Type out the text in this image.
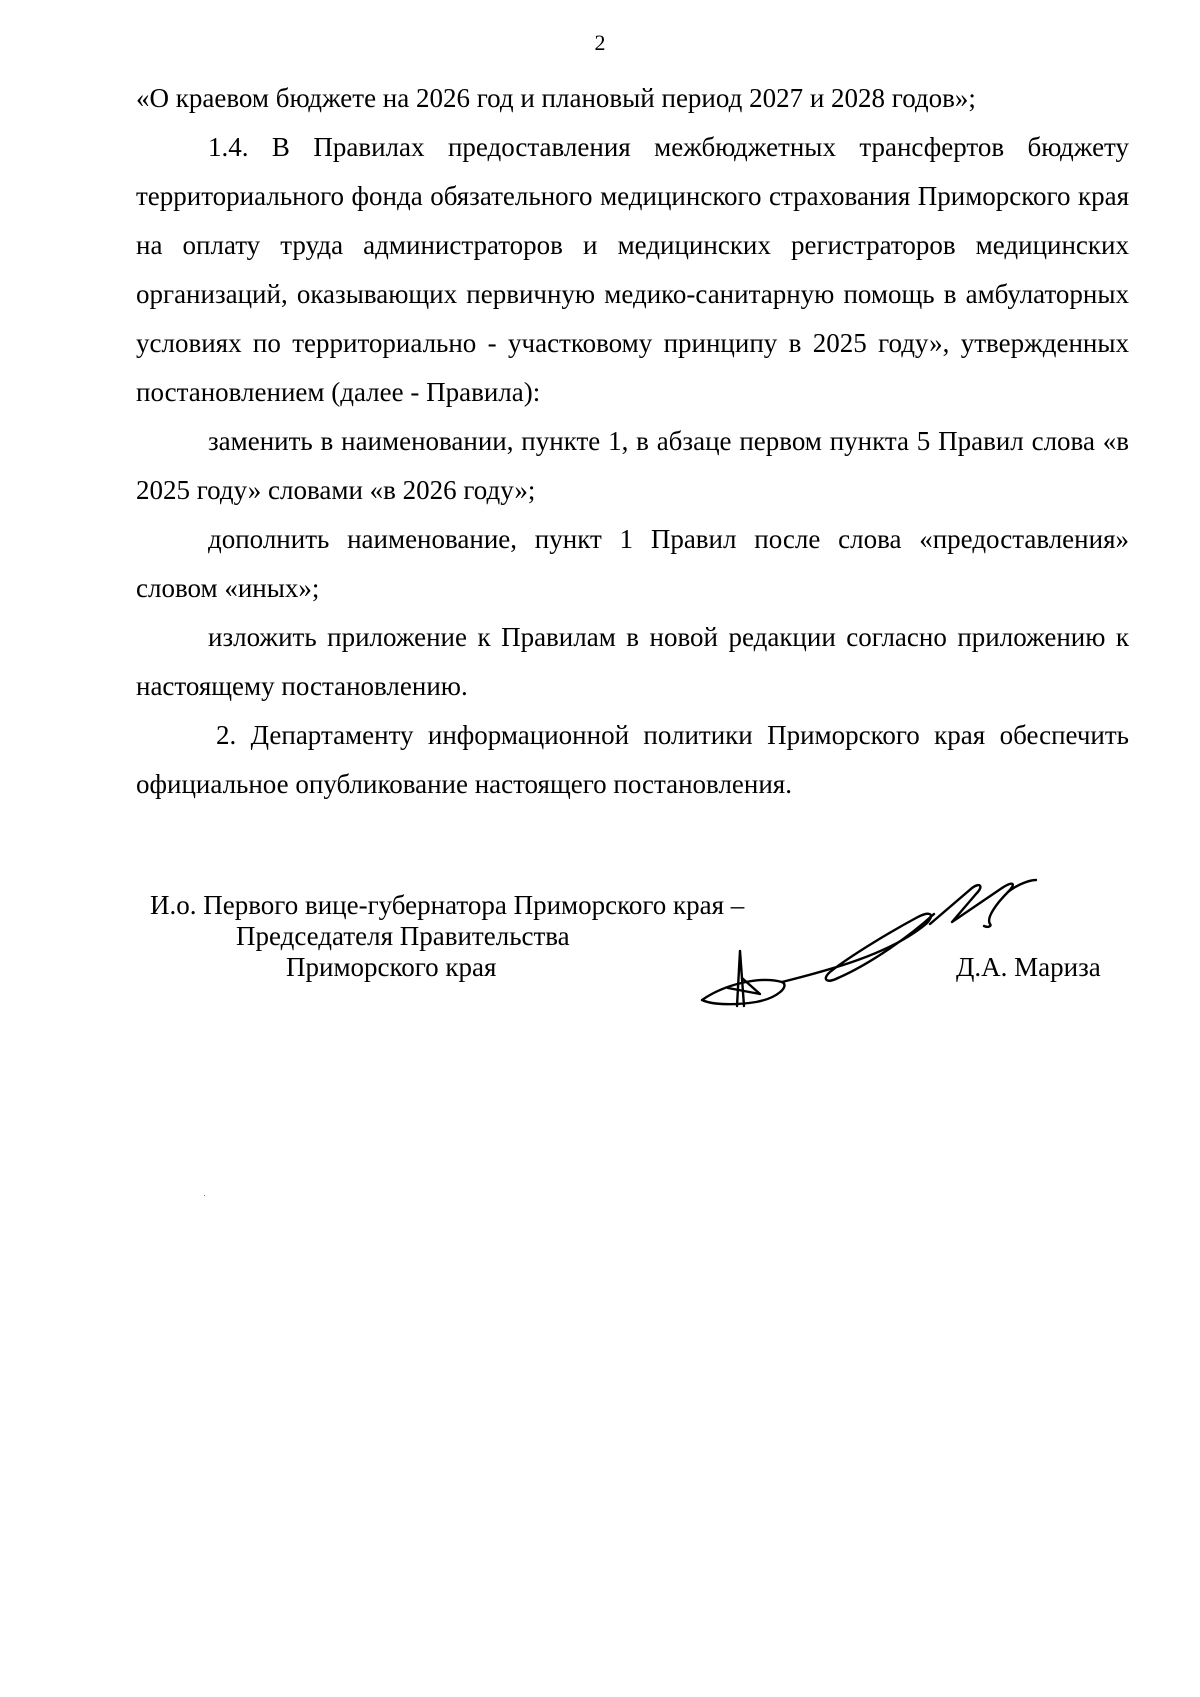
2

«О краевом бюджете на 2026 год и плановый период 2027 и 2028 годов»;

1.4. В Правилах предоставления межбюджетных трансфертов бюджету территориального фонда обязательного медицинского страхования Приморского края на оплату труда администраторов и медицинских регистраторов медицинских организаций, оказывающих первичную медико-санитарную помощь в амбулаторных условиях по территориально - участковому принципу в 2025 году», утвержденных постановлением (далее - Правила):

заменить в наименовании, пункте 1, в абзаце первом пункта 5 Правил слова «в 2025 году» словами «в 2026 году»;

дополнить наименование, пункт 1 Правил после слова «предоставления» словом «иных»;

изложить приложение к Правилам в новой редакции согласно приложению к настоящему постановлению.

2. Департаменту информационной политики Приморского края обеспечить официальное опубликование настоящего постановления.

И.о. Первого вице-губернатора Приморского края –
Председателя Правительства
Приморского края	Д.А. Мариза
